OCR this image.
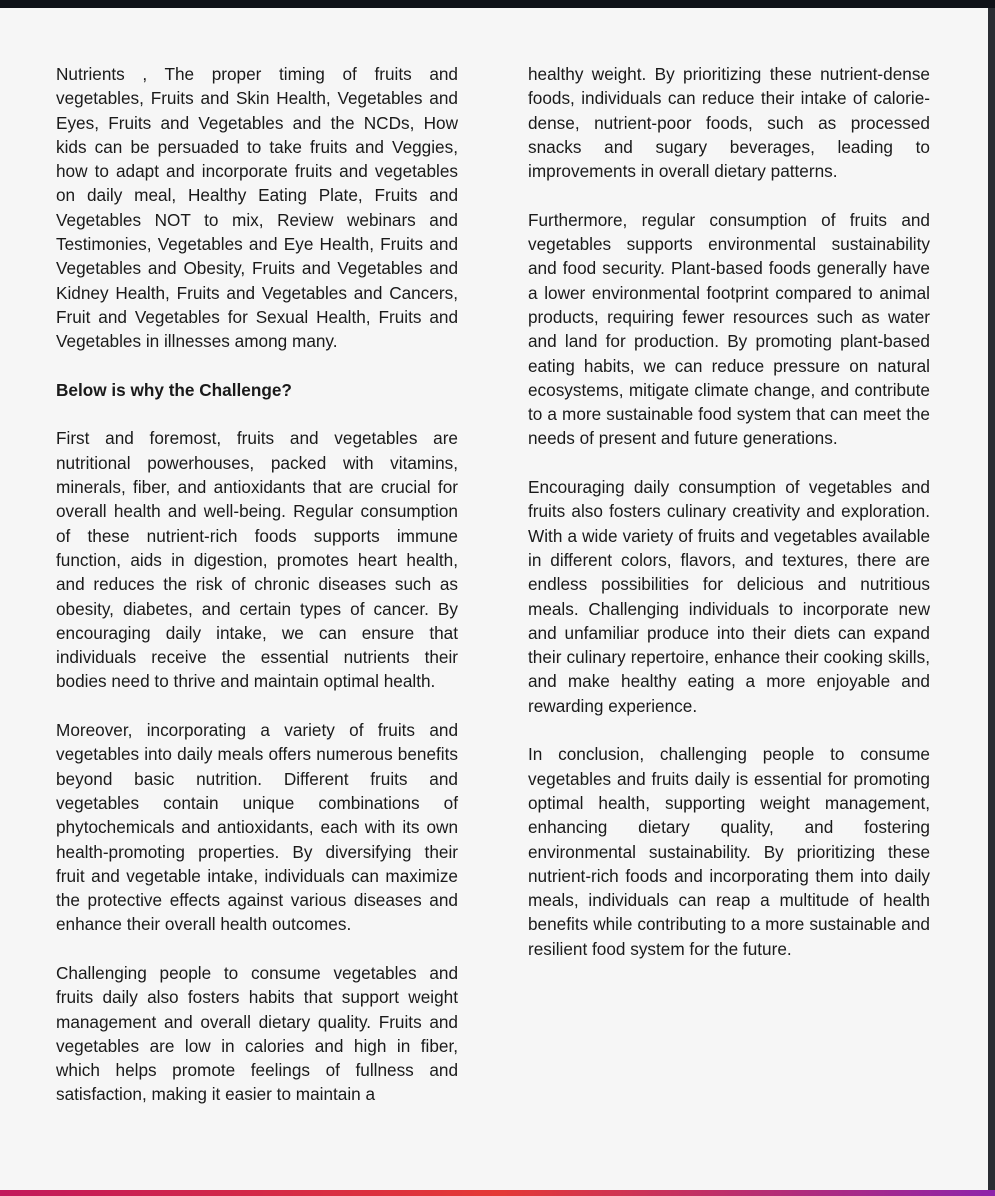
Nutrients , The proper timing of fruits and vegetables, Fruits and Skin Health, Vegetables and Eyes, Fruits and Vegetables and the NCDs, How kids can be persuaded to take fruits and Veggies, how to adapt and incorporate fruits and vegetables on daily meal, Healthy Eating Plate, Fruits and Vegetables NOT to mix, Review webinars and Testimonies, Vegetables and Eye Health, Fruits and Vegetables and Obesity, Fruits and Vegetables and Kidney Health, Fruits and Vegetables and Cancers, Fruit and Vegetables for Sexual Health, Fruits and Vegetables in illnesses among many.

Below is why the Challenge?

First and foremost, fruits and vegetables are nutritional powerhouses, packed with vitamins, minerals, fiber, and antioxidants that are crucial for overall health and well-being. Regular consumption of these nutrient-rich foods supports immune function, aids in digestion, promotes heart health, and reduces the risk of chronic diseases such as obesity, diabetes, and certain types of cancer. By encouraging daily intake, we can ensure that individuals receive the essential nutrients their bodies need to thrive and maintain optimal health.

Moreover, incorporating a variety of fruits and vegetables into daily meals offers numerous benefits beyond basic nutrition. Different fruits and vegetables contain unique combinations of phytochemicals and antioxidants, each with its own health-promoting properties. By diversifying their fruit and vegetable intake, individuals can maximize the protective effects against various diseases and enhance their overall health outcomes.

Challenging people to consume vegetables and fruits daily also fosters habits that support weight management and overall dietary quality. Fruits and vegetables are low in calories and high in fiber, which helps promote feelings of fullness and satisfaction, making it easier to maintain a

healthy weight. By prioritizing these nutrient-dense foods, individuals can reduce their intake of calorie-dense, nutrient-poor foods, such as processed snacks and sugary beverages, leading to improvements in overall dietary patterns.

Furthermore, regular consumption of fruits and vegetables supports environmental sustainability and food security. Plant-based foods generally have a lower environmental footprint compared to animal products, requiring fewer resources such as water and land for production. By promoting plant-based eating habits, we can reduce pressure on natural ecosystems, mitigate climate change, and contribute to a more sustainable food system that can meet the needs of present and future generations.

Encouraging daily consumption of vegetables and fruits also fosters culinary creativity and exploration. With a wide variety of fruits and vegetables available in different colors, flavors, and textures, there are endless possibilities for delicious and nutritious meals. Challenging individuals to incorporate new and unfamiliar produce into their diets can expand their culinary repertoire, enhance their cooking skills, and make healthy eating a more enjoyable and rewarding experience.

In conclusion, challenging people to consume vegetables and fruits daily is essential for promoting optimal health, supporting weight management, enhancing dietary quality, and fostering environmental sustainability. By prioritizing these nutrient-rich foods and incorporating them into daily meals, individuals can reap a multitude of health benefits while contributing to a more sustainable and resilient food system for the future.
